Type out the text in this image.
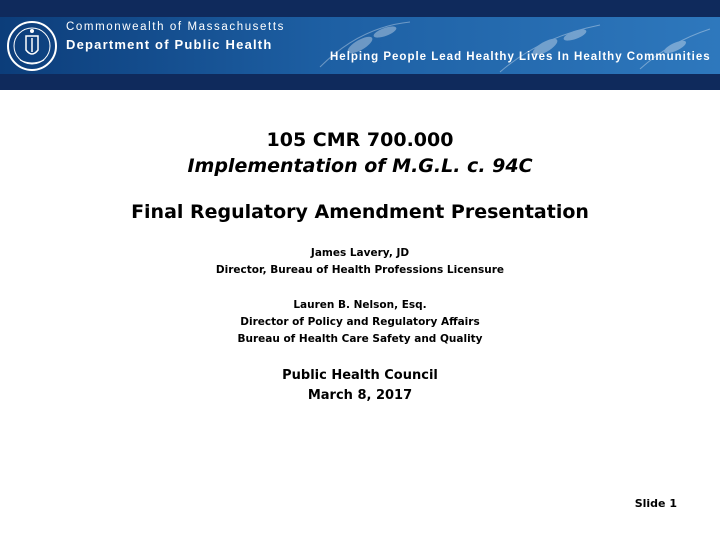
Commonwealth of Massachusetts
Department of Public Health
Helping People Lead Healthy Lives In Healthy Communities
105 CMR 700.000
Implementation of M.G.L. c. 94C
Final Regulatory Amendment Presentation
James Lavery, JD
Director, Bureau of Health Professions Licensure
Lauren B. Nelson, Esq.
Director of Policy and Regulatory Affairs
Bureau of Health Care Safety and Quality
Public Health Council
March 8, 2017
Slide 1
